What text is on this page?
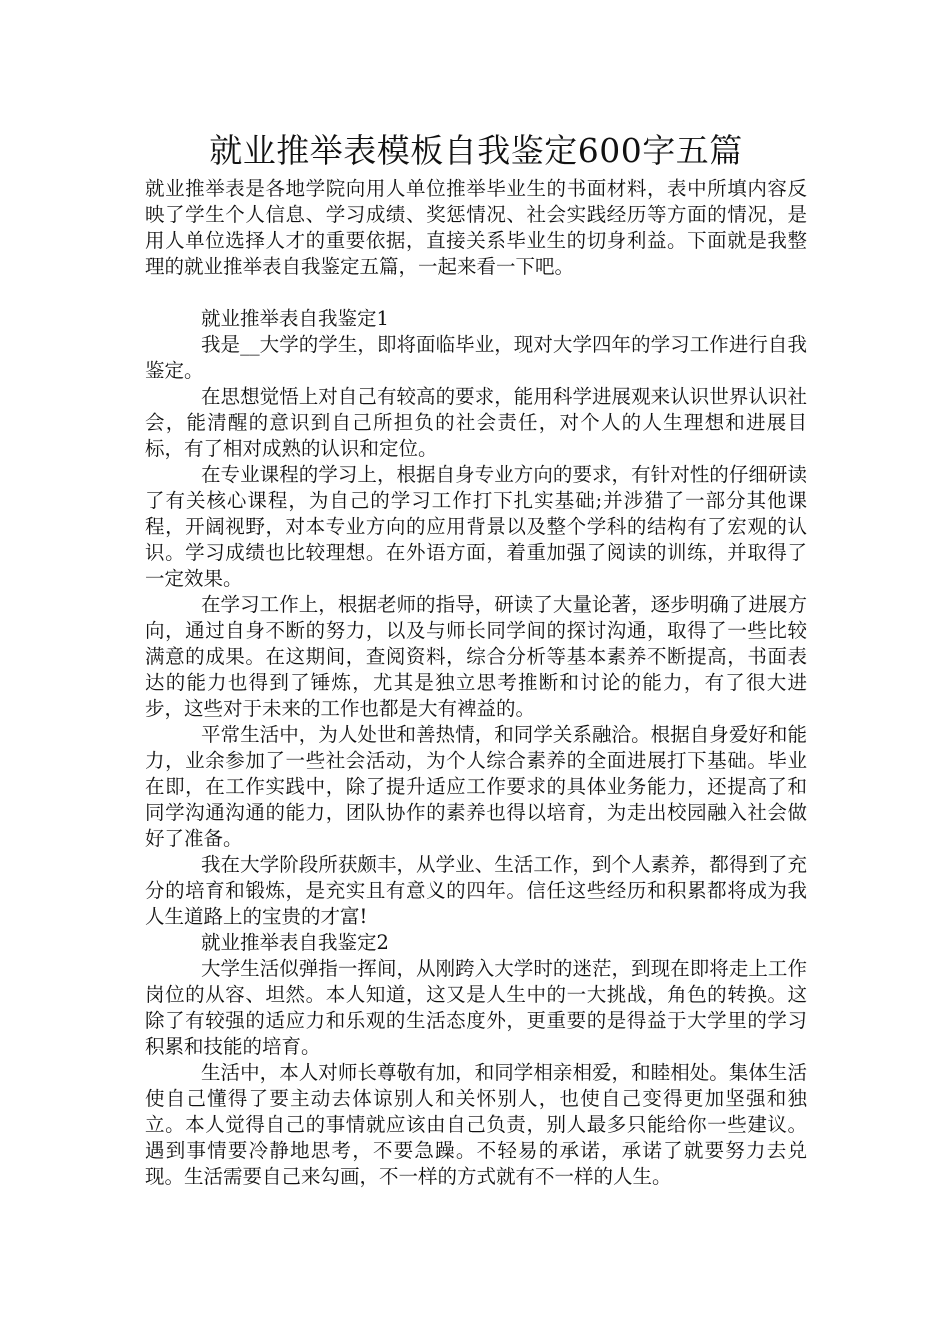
就业推举表模板自我鉴定600字五篇

就业推举表是各地学院向用人单位推举毕业生的书面材料，表中所填内容反映了学生个人信息、学习成绩、奖惩情况、社会实践经历等方面的情况，是用人单位选择人才的重要依据，直接关系毕业生的切身利益。下面就是我整理的就业推举表自我鉴定五篇，一起来看一下吧。

就业推举表自我鉴定1

我是__大学的学生，即将面临毕业，现对大学四年的学习工作进行自我鉴定。

在思想觉悟上对自己有较高的要求，能用科学进展观来认识世界认识社会，能清醒的意识到自己所担负的社会责任，对个人的人生理想和进展目标，有了相对成熟的认识和定位。

在专业课程的学习上，根据自身专业方向的要求，有针对性的仔细研读了有关核心课程，为自己的学习工作打下扎实基础;并涉猎了一部分其他课程，开阔视野，对本专业方向的应用背景以及整个学科的结构有了宏观的认识。学习成绩也比较理想。在外语方面，着重加强了阅读的训练，并取得了一定效果。

在学习工作上，根据老师的指导，研读了大量论著，逐步明确了进展方向，通过自身不断的努力，以及与师长同学间的探讨沟通，取得了一些比较满意的成果。在这期间，查阅资料，综合分析等基本素养不断提高，书面表达的能力也得到了锤炼，尤其是独立思考推断和讨论的能力，有了很大进步，这些对于未来的工作也都是大有裨益的。

平常生活中，为人处世和善热情，和同学关系融洽。根据自身爱好和能力，业余参加了一些社会活动，为个人综合素养的全面进展打下基础。毕业在即，在工作实践中，除了提升适应工作要求的具体业务能力，还提高了和同学沟通沟通的能力，团队协作的素养也得以培育，为走出校园融入社会做好了准备。

我在大学阶段所获颇丰，从学业、生活工作，到个人素养，都得到了充分的培育和锻炼，是充实且有意义的四年。信任这些经历和积累都将成为我人生道路上的宝贵的才富!

就业推举表自我鉴定2

大学生活似弹指一挥间，从刚跨入大学时的迷茫，到现在即将走上工作岗位的从容、坦然。本人知道，这又是人生中的一大挑战，角色的转换。这除了有较强的适应力和乐观的生活态度外，更重要的是得益于大学里的学习积累和技能的培育。

生活中，本人对师长尊敬有加，和同学相亲相爱，和睦相处。集体生活使自己懂得了要主动去体谅别人和关怀别人，也使自己变得更加坚强和独立。本人觉得自己的事情就应该由自己负责，别人最多只能给你一些建议。遇到事情要冷静地思考，不要急躁。不轻易的承诺，承诺了就要努力去兑现。生活需要自己来勾画，不一样的方式就有不一样的人生。
